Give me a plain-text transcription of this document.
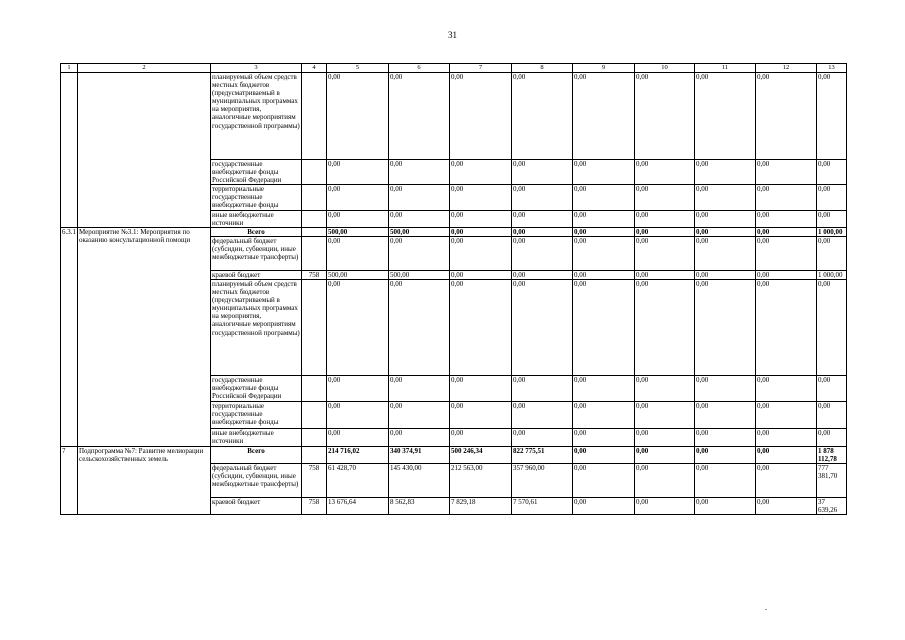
31
1	2	3	4	5	6	7	8	9	10	11	12	13
		планируемый объем средств местных бюджетов (предусматриваемый в муниципальных программах на мероприятия, аналогичные мероприятиям государственной программы)		0,00	0,00	0,00	0,00	0,00	0,00	0,00	0,00	0,00
		государственные внебюджетные фонды Российской Федерации		0,00	0,00	0,00	0,00	0,00	0,00	0,00	0,00	0,00
		территориальные государственные внебюджетные фонды		0,00	0,00	0,00	0,00	0,00	0,00	0,00	0,00	0,00
		иные внебюджетные источники		0,00	0,00	0,00	0,00	0,00	0,00	0,00	0,00	0,00
6.3.1	Мероприятие №3.1: Мероприятия по оказанию консультационной помощи	Всего		500,00	500,00	0,00	0,00	0,00	0,00	0,00	0,00	1 000,00
		федеральный бюджет (субсидии, субвенции, иные межбюджетные трансферты)		0,00	0,00	0,00	0,00	0,00	0,00	0,00	0,00	0,00
		краевой бюджет	758	500,00	500,00	0,00	0,00	0,00	0,00	0,00	0,00	1 000,00
		планируемый объем средств местных бюджетов (предусматриваемый в муниципальных программах на мероприятия, аналогичные мероприятиям государственной программы)		0,00	0,00	0,00	0,00	0,00	0,00	0,00	0,00	0,00
		государственные внебюджетные фонды Российской Федерации		0,00	0,00	0,00	0,00	0,00	0,00	0,00	0,00	0,00
		территориальные государственные внебюджетные фонды		0,00	0,00	0,00	0,00	0,00	0,00	0,00	0,00	0,00
		иные внебюджетные источники		0,00	0,00	0,00	0,00	0,00	0,00	0,00	0,00	0,00
7	Подпрограмма №7: Развитие мелиорации сельскохозяйственных земель	Всего		214 716,02	340 374,91	500 246,34	822 775,51	0,00	0,00	0,00	0,00	1 878 112,78
		федеральный бюджет (субсидии, субвенции, иные межбюджетные трансферты)	758	61 428,70	145 430,00	212 563,00	357 960,00	0,00	0,00	0,00	0,00	777 381,70
		краевой бюджет	758	13 676,64	8 562,83	7 829,18	7 570,61	0,00	0,00	0,00	0,00	37 639,26
